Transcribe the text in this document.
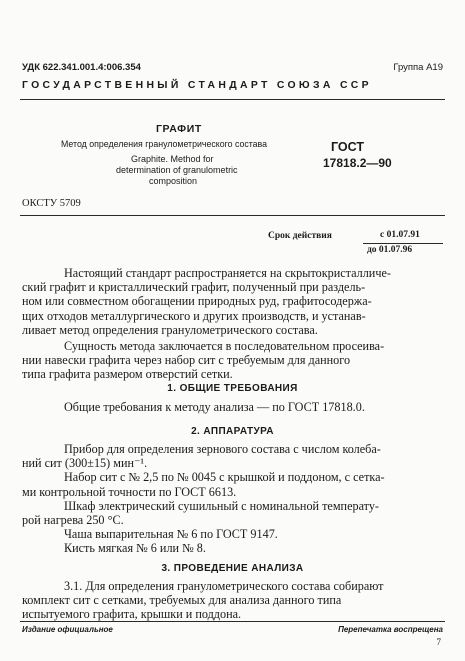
УДК 622.341.001.4:006.354	Группа А19
ГОСУДАРСТВЕННЫЙ СТАНДАРТ СОЮЗА ССР
ГРАФИТ
Метод определения гранулометрического состава
Graphite. Method for
determination of granulometric
composition
ГОСТ
17818.2—90
ОКСТУ 5709
Срок действия	с 01.07.91
до 01.07.96
Настоящий стандарт распространяется на скрытокристалличе-
ский графит и кристаллический графит, полученный при раздель-
ном или совместном обогащении природных руд, графитосодержа-
щих отходов металлургического и других производств, и устанав-
ливает метод определения гранулометрического состава.
Сущность метода заключается в последовательном просеива-
нии навески графита через набор сит с требуемым для данного
типа графита размером отверстий сетки.
1. ОБЩИЕ ТРЕБОВАНИЯ
Общие требования к методу анализа — по ГОСТ 17818.0.
2. АППАРАТУРА
Прибор для определения зернового состава с числом колеба-
ний сит (300±15) мин⁻¹.
Набор сит с № 2,5 по № 0045 с крышкой и поддоном, с сетка-
ми контрольной точности по ГОСТ 6613.
Шкаф электрический сушильный с номинальной температу-
рой нагрева 250 °С.
Чаша выпарительная № 6 по ГОСТ 9147.
Кисть мягкая № 6 или № 8.
3. ПРОВЕДЕНИЕ АНАЛИЗА
3.1. Для определения гранулометрического состава собирают
комплект сит с сетками, требуемых для анализа данного типа
испытуемого графита, крышки и поддона.
Издание официальное	Перепечатка воспрещена
7
